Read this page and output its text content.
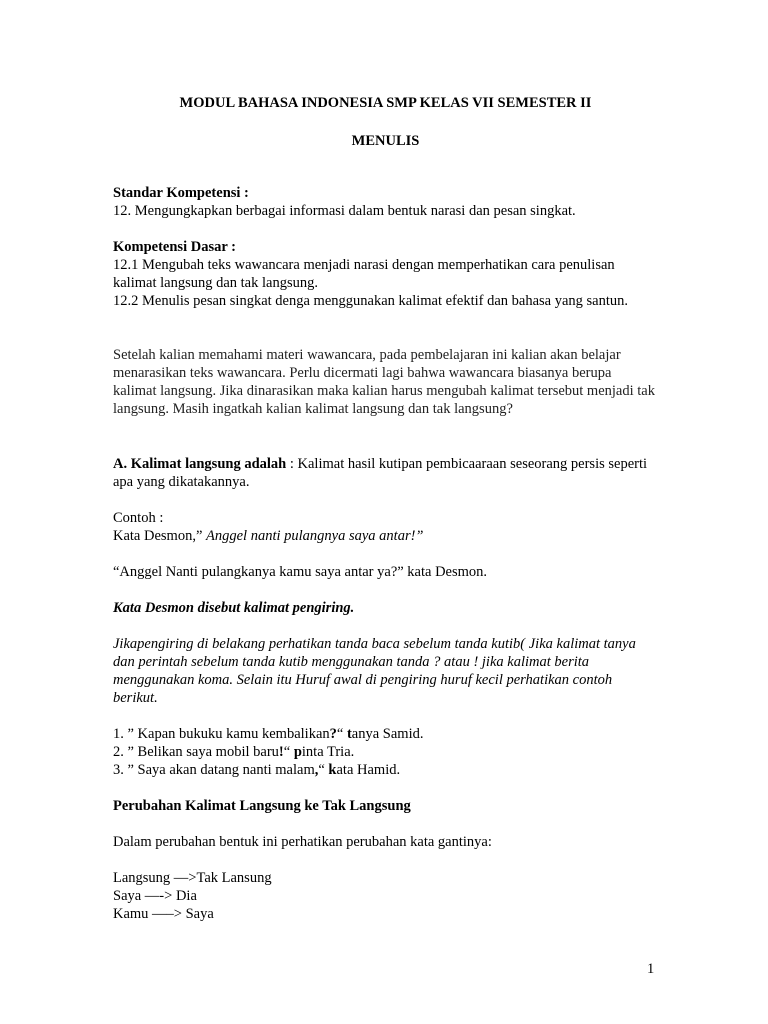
MODUL BAHASA INDONESIA SMP KELAS VII SEMESTER II

MENULIS

Standar Kompetensi :

12. Mengungkapkan berbagai informasi dalam bentuk narasi dan pesan singkat.

Kompetensi Dasar :

12.1 Mengubah teks wawancara menjadi narasi dengan memperhatikan cara penulisan kalimat langsung dan tak langsung.

12.2 Menulis pesan singkat denga menggunakan kalimat efektif dan bahasa yang santun.

Setelah kalian memahami materi wawancara, pada pembelajaran ini kalian akan belajar menarasikan teks wawancara. Perlu dicermati lagi bahwa wawancara biasanya berupa kalimat langsung. Jika dinarasikan maka kalian harus mengubah kalimat tersebut menjadi tak langsung. Masih ingatkah kalian kalimat langsung dan tak langsung?

A. Kalimat langsung adalah : Kalimat hasil kutipan pembicaaraan seseorang persis seperti apa yang dikatakannya.

Contoh :

Kata Desmon,” Anggel nanti pulangnya saya antar!”

“Anggel Nanti pulangkanya kamu saya antar ya?” kata Desmon.

Kata Desmon disebut kalimat pengiring.

Jikapengiring di belakang perhatikan tanda baca sebelum tanda kutib( Jika kalimat tanya dan perintah sebelum tanda kutib menggunakan tanda ? atau ! jika kalimat berita menggunakan koma. Selain itu Huruf awal di pengiring huruf kecil perhatikan contoh berikut.

1. ” Kapan bukuku kamu kembalikan?“ tanya Samid.

2. ” Belikan saya mobil baru!“ pinta Tria.

3. ” Saya akan datang nanti malam,“ kata Hamid.

Perubahan Kalimat Langsung ke Tak Langsung

Dalam perubahan bentuk ini perhatikan perubahan kata gantinya:

Langsung —>Tak Lansung

Saya —-> Dia

Kamu —–> Saya

1
